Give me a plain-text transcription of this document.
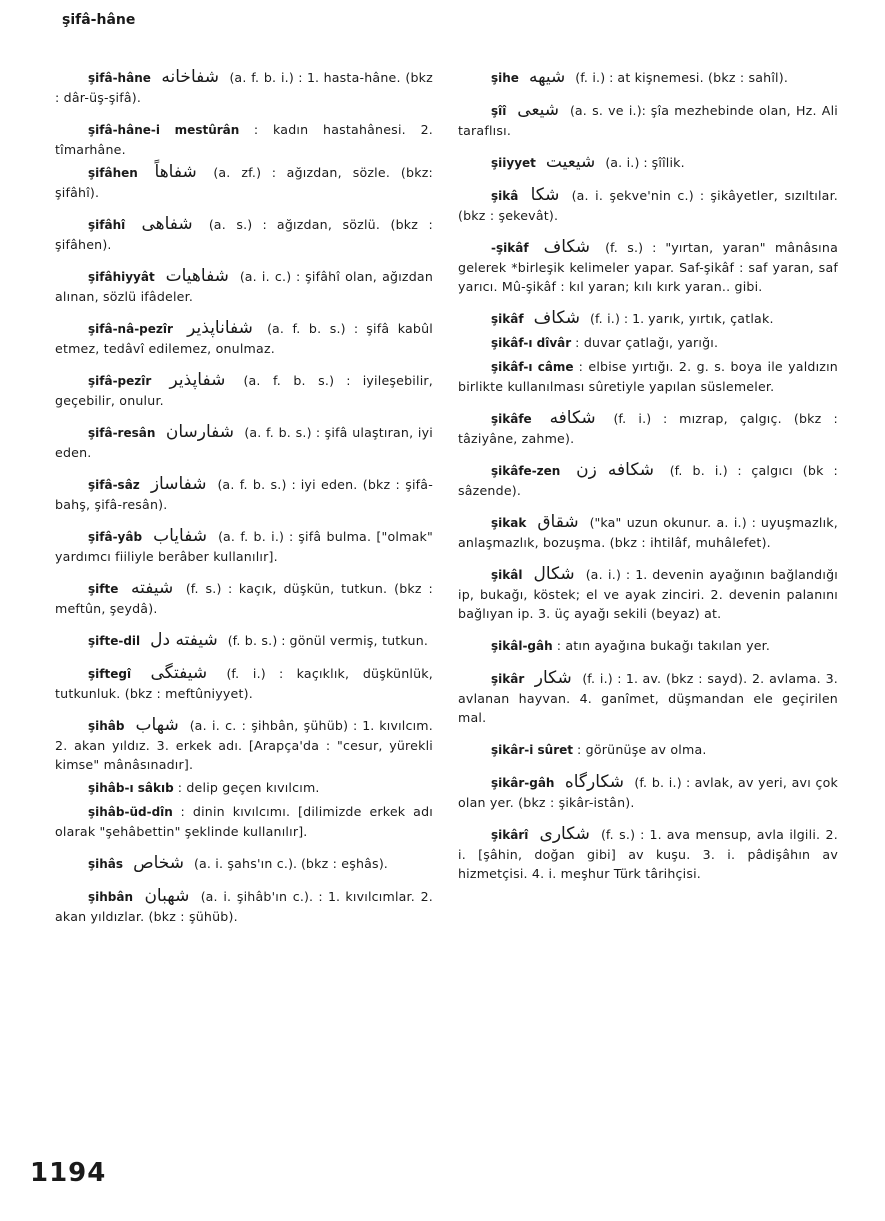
şifâ-hâne

şifâ-hâne شفاخانه (a. f. b. i.) : 1. hasta-hâne. (bkz : dâr-üş-şifâ).

şifâ-hâne-i mestûrân : kadın hastahânesi. 2. tîmarhâne.

şifâhen شفاهاً (a. zf.) : ağızdan, sözle. (bkz: şifâhî).

şifâhî شفاهى (a. s.) : ağızdan, sözlü. (bkz : şifâhen).

şifâhiyyât شفاهيات (a. i. c.) : şifâhî olan, ağızdan alınan, sözlü ifâdeler.

şifâ-nâ-pezîr شفاناپذير (a. f. b. s.) : şifâ kabûl etmez, tedâvî edilemez, onulmaz.

şifâ-pezîr شفاپذير (a. f. b. s.) : iyileşebilir, geçebilir, onulur.

şifâ-resân شفارسان (a. f. b. s.) : şifâ ulaştıran, iyi eden.

şifâ-sâz شفاساز (a. f. b. s.) : iyi eden. (bkz : şifâ-bahş, şifâ-resân).

şifâ-yâb شفاياب (a. f. b. i.) : şifâ bulma. ["olmak" yardımcı fiiliyle berâber kullanılır].

şifte شيفته (f. s.) : kaçık, düşkün, tutkun. (bkz : meftûn, şeydâ).

şifte-dil شيفته دل (f. b. s.) : gönül vermiş, tutkun.

şiftegî شيفتگى (f. i.) : kaçıklık, düşkünlük, tutkunluk. (bkz : meftûniyyet).

şihâb شهاب (a. i. c. : şihbân, şühüb) : 1. kıvılcım. 2. akan yıldız. 3. erkek adı. [Arapça'da : "cesur, yürekli kimse" mânâsınadır].

şihâb-ı sâkıb : delip geçen kıvılcım.

şihâb-üd-dîn : dinin kıvılcımı. [dilimizde erkek adı olarak "şehâbettin" şeklinde kullanılır].

şihâs شخاص (a. i. şahs'ın c.). (bkz : eşhâs).

şihbân شهبان (a. i. şihâb'ın c.). : 1. kıvılcımlar. 2. akan yıldızlar. (bkz : şühüb).

şihe شيهه (f. i.) : at kişnemesi. (bkz : sahîl).

şîî شيعى (a. s. ve i.): şîa mezhebinde olan, Hz. Ali taraflısı.

şiiyyet شيعيت (a. i.) : şîîlik.

şikâ شكا (a. i. şekve'nin c.) : şikâyetler, sızıltılar. (bkz : şekevât).

-şikâf شكاف (f. s.) : "yırtan, yaran" mânâsına gelerek *birleşik kelimeler yapar. Saf-şikâf : saf yaran, saf yarıcı. Mû-şikâf : kıl yaran; kılı kırk yaran.. gibi.

şikâf شكاف (f. i.) : 1. yarık, yırtık, çatlak.

şikâf-ı dîvâr : duvar çatlağı, yarığı.

şikâf-ı câme : elbise yırtığı. 2. g. s. boya ile yaldızın birlikte kullanılması sûretiyle yapılan süslemeler.

şikâfe شكافه (f. i.) : mızrap, çalgıç. (bkz : tâziyâne, zahme).

şikâfe-zen شكافه زن (f. b. i.) : çalgıcı (bk : sâzende).

şikak شقاق ("ka" uzun okunur. a. i.) : uyuşmazlık, anlaşmazlık, bozuşma. (bkz : ihtilâf, muhâlefet).

şikâl شكال (a. i.) : 1. devenin ayağının bağlandığı ip, bukağı, köstek; el ve ayak zinciri. 2. devenin palanını bağlıyan ip. 3. üç ayağı sekili (beyaz) at.

şikâl-gâh : atın ayağına bukağı takılan yer.

şikâr شكار (f. i.) : 1. av. (bkz : sayd). 2. avlama. 3. avlanan hayvan. 4. ganîmet, düşmandan ele geçirilen mal.

şikâr-i sûret : görünüşe av olma.

şikâr-gâh شكارگاه (f. b. i.) : avlak, av yeri, avı çok olan yer. (bkz : şikâr-istân).

şikârî شكارى (f. s.) : 1. ava mensup, avla ilgili. 2. i. [şâhin, doğan gibi] av kuşu. 3. i. pâdişâhın av hizmetçisi. 4. i. meşhur Türk târihçisi.

1194
